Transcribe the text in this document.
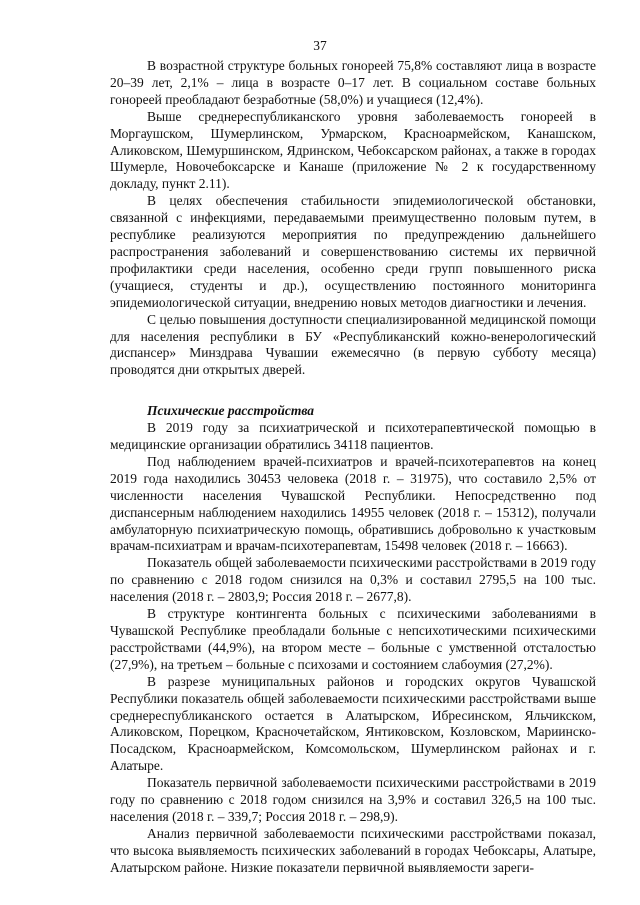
37

В возрастной структуре больных гонореей 75,8% составляют лица в возрасте 20–39 лет, 2,1% – лица в возрасте 0–17 лет. В социальном составе больных гонореей преобладают безработные (58,0%) и учащиеся (12,4%).

Выше среднереспубликанского уровня заболеваемость гонореей в Моргаушском, Шумерлинском, Урмарском, Красноармейском, Канашском, Аликовском, Шемуршинском, Ядринском, Чебоксарском районах, а также в городах Шумерле, Новочебоксарске и Канаше (приложение № 2 к государственному докладу, пункт 2.11).

В целях обеспечения стабильности эпидемиологической обстановки, связанной с инфекциями, передаваемыми преимущественно половым путем, в республике реализуются мероприятия по предупреждению дальнейшего распространения заболеваний и совершенствованию системы их первичной профилактики среди населения, особенно среди групп повышенного риска (учащиеся, студенты и др.), осуществлению постоянного мониторинга эпидемиологической ситуации, внедрению новых методов диагностики и лечения.

С целью повышения доступности специализированной медицинской помощи для населения республики в БУ «Республиканский кожно-венерологический диспансер» Минздрава Чувашии ежемесячно (в первую субботу месяца) проводятся дни открытых дверей.

Психические расстройства

В 2019 году за психиатрической и психотерапевтической помощью в медицинские организации обратились 34118 пациентов.

Под наблюдением врачей-психиатров и врачей-психотерапевтов на конец 2019 года находились 30453 человека (2018 г. – 31975), что составило 2,5% от численности населения Чувашской Республики. Непосредственно под диспансерным наблюдением находились 14955 человек (2018 г. – 15312), получали амбулаторную психиатрическую помощь, обратившись добровольно к участковым врачам-психиатрам и врачам-психотерапевтам, 15498 человек (2018 г. – 16663).

Показатель общей заболеваемости психическими расстройствами в 2019 году по сравнению с 2018 годом снизился на 0,3% и составил 2795,5 на 100 тыс. населения (2018 г. – 2803,9; Россия 2018 г. – 2677,8).

В структуре контингента больных с психическими заболеваниями в Чувашской Республике преобладали больные с непсихотическими психическими расстройствами (44,9%), на втором месте – больные с умственной отсталостью (27,9%), на третьем – больные с психозами и состоянием слабоумия (27,2%).

В разрезе муниципальных районов и городских округов Чувашской Республики показатель общей заболеваемости психическими расстройствами выше среднереспубликанского остается в Алатырском, Ибресинском, Яльчикском, Аликовском, Порецком, Красночетайском, Янтиковском, Козловском, Мариинско-Посадском, Красноармейском, Комсомольском, Шумерлинском районах и г. Алатыре.

Показатель первичной заболеваемости психическими расстройствами в 2019 году по сравнению с 2018 годом снизился на 3,9% и составил 326,5 на 100 тыс. населения (2018 г. – 339,7; Россия 2018 г. – 298,9).

Анализ первичной заболеваемости психическими расстройствами показал, что высока выявляемость психических заболеваний в городах Чебоксары, Алатыре, Алатырском районе. Низкие показатели первичной выявляемости зареги-
